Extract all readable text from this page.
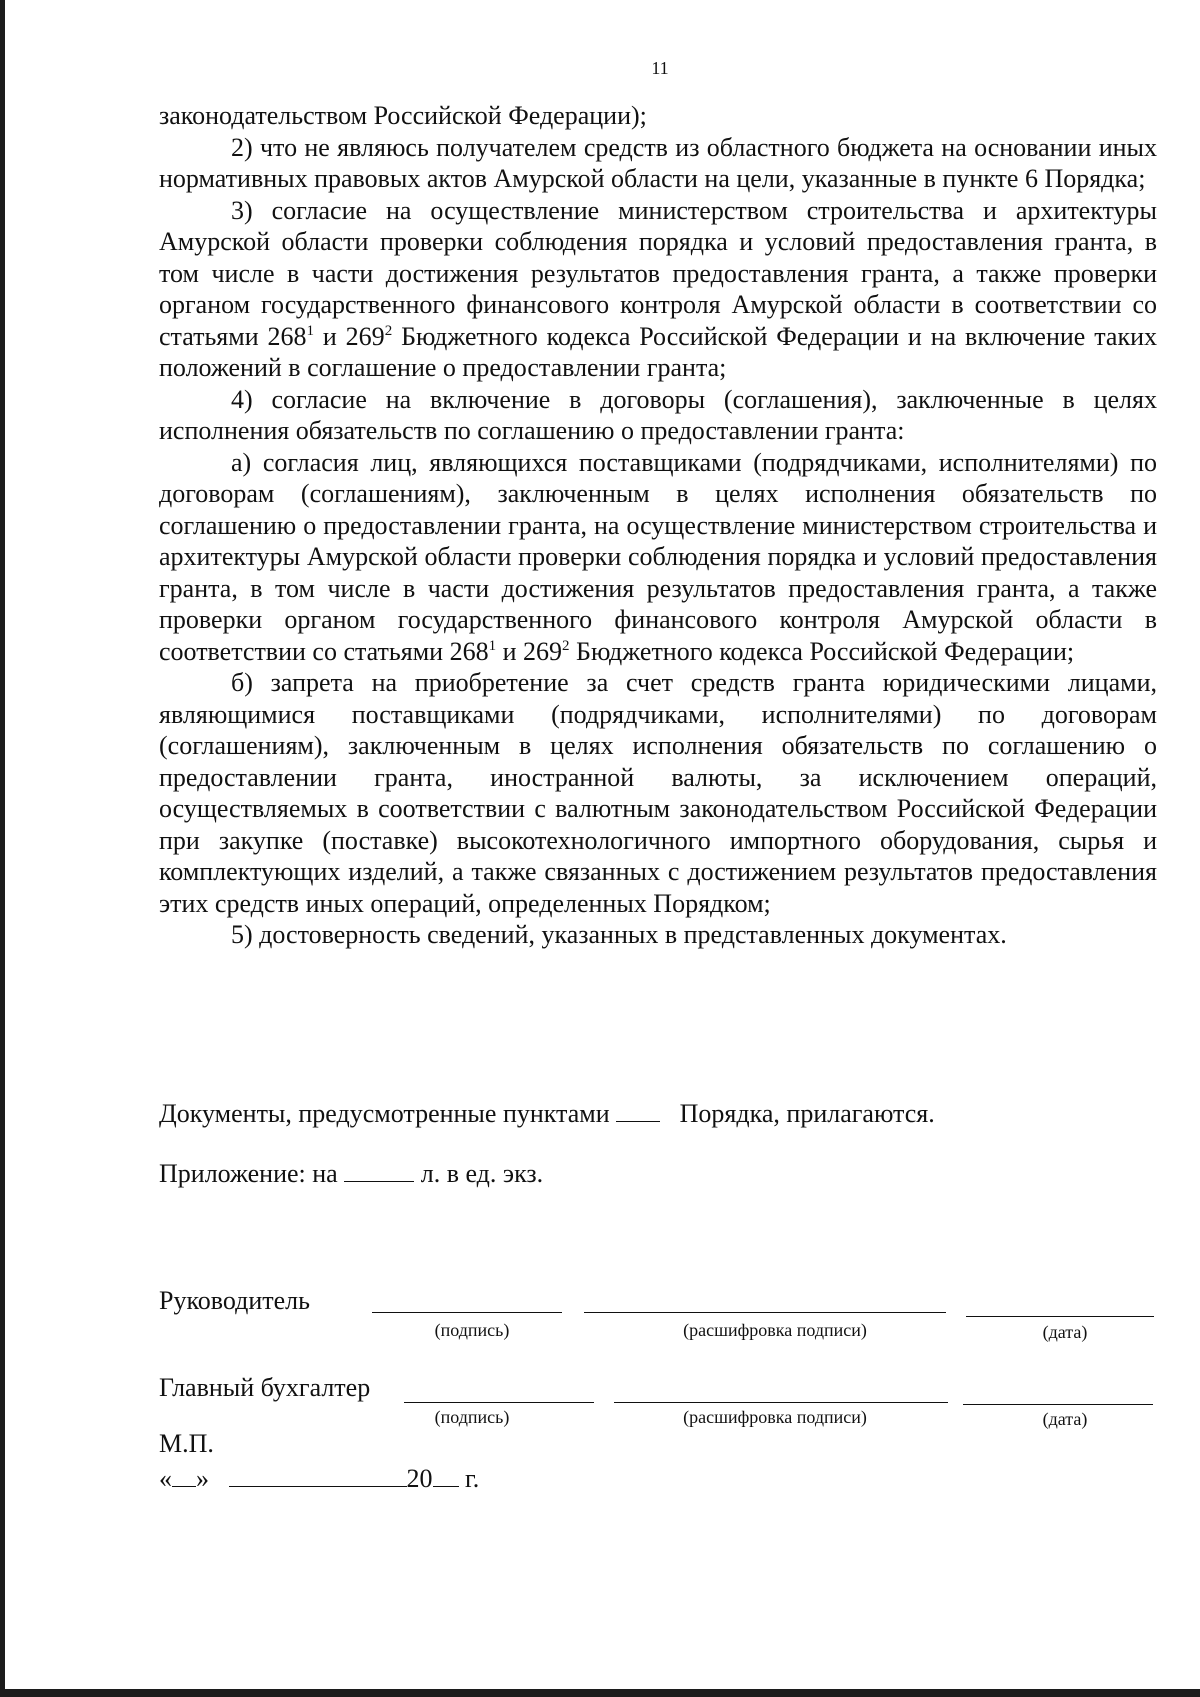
11

законодательством Российской Федерации);

2) что не являюсь получателем средств из областного бюджета на основании иных нормативных правовых актов Амурской области на цели, указанные в пункте 6 Порядка;

3) согласие на осуществление министерством строительства и архитектуры Амурской области проверки соблюдения порядка и условий предоставления гранта, в том числе в части достижения результатов предоставления гранта, а также проверки органом государственного финансового контроля Амурской области в соответствии со статьями $268^1$ и $269^2$ Бюджетного кодекса Российской Федерации и на включение таких положений в соглашение о предоставлении гранта;

4) согласие на включение в договоры (соглашения), заключенные в целях исполнения обязательств по соглашению о предоставлении гранта:

а) согласия лиц, являющихся поставщиками (подрядчиками, исполнителями) по договорам (соглашениям), заключенным в целях исполнения обязательств по соглашению о предоставлении гранта, на осуществление министерством строительства и архитектуры Амурской области проверки соблюдения порядка и условий предоставления гранта, в том числе в части достижения результатов предоставления гранта, а также проверки органом государственного финансового контроля Амурской области в соответствии со статьями $268^1$ и $269^2$ Бюджетного кодекса Российской Федерации;

б) запрета на приобретение за счет средств гранта юридическими лицами, являющимися поставщиками (подрядчиками, исполнителями) по договорам (соглашениям), заключенным в целях исполнения обязательств по соглашению о предоставлении гранта, иностранной валюты, за исключением операций, осуществляемых в соответствии с валютным законодательством Российской Федерации при закупке (поставке) высокотехнологичного импортного оборудования, сырья и комплектующих изделий, а также связанных с достижением результатов предоставления этих средств иных операций, определенных Порядком;

5) достоверность сведений, указанных в представленных документах.

Документы, предусмотренные пунктами	Порядка, прилагаются.
Приложение: на	л. в ед. экз.
Руководитель
(подпись)	(расшифровка подписи)	(дата)
Главный бухгалтер
(подпись)	(расшифровка подписи)	(дата)
М.П.
« »	20 г.
